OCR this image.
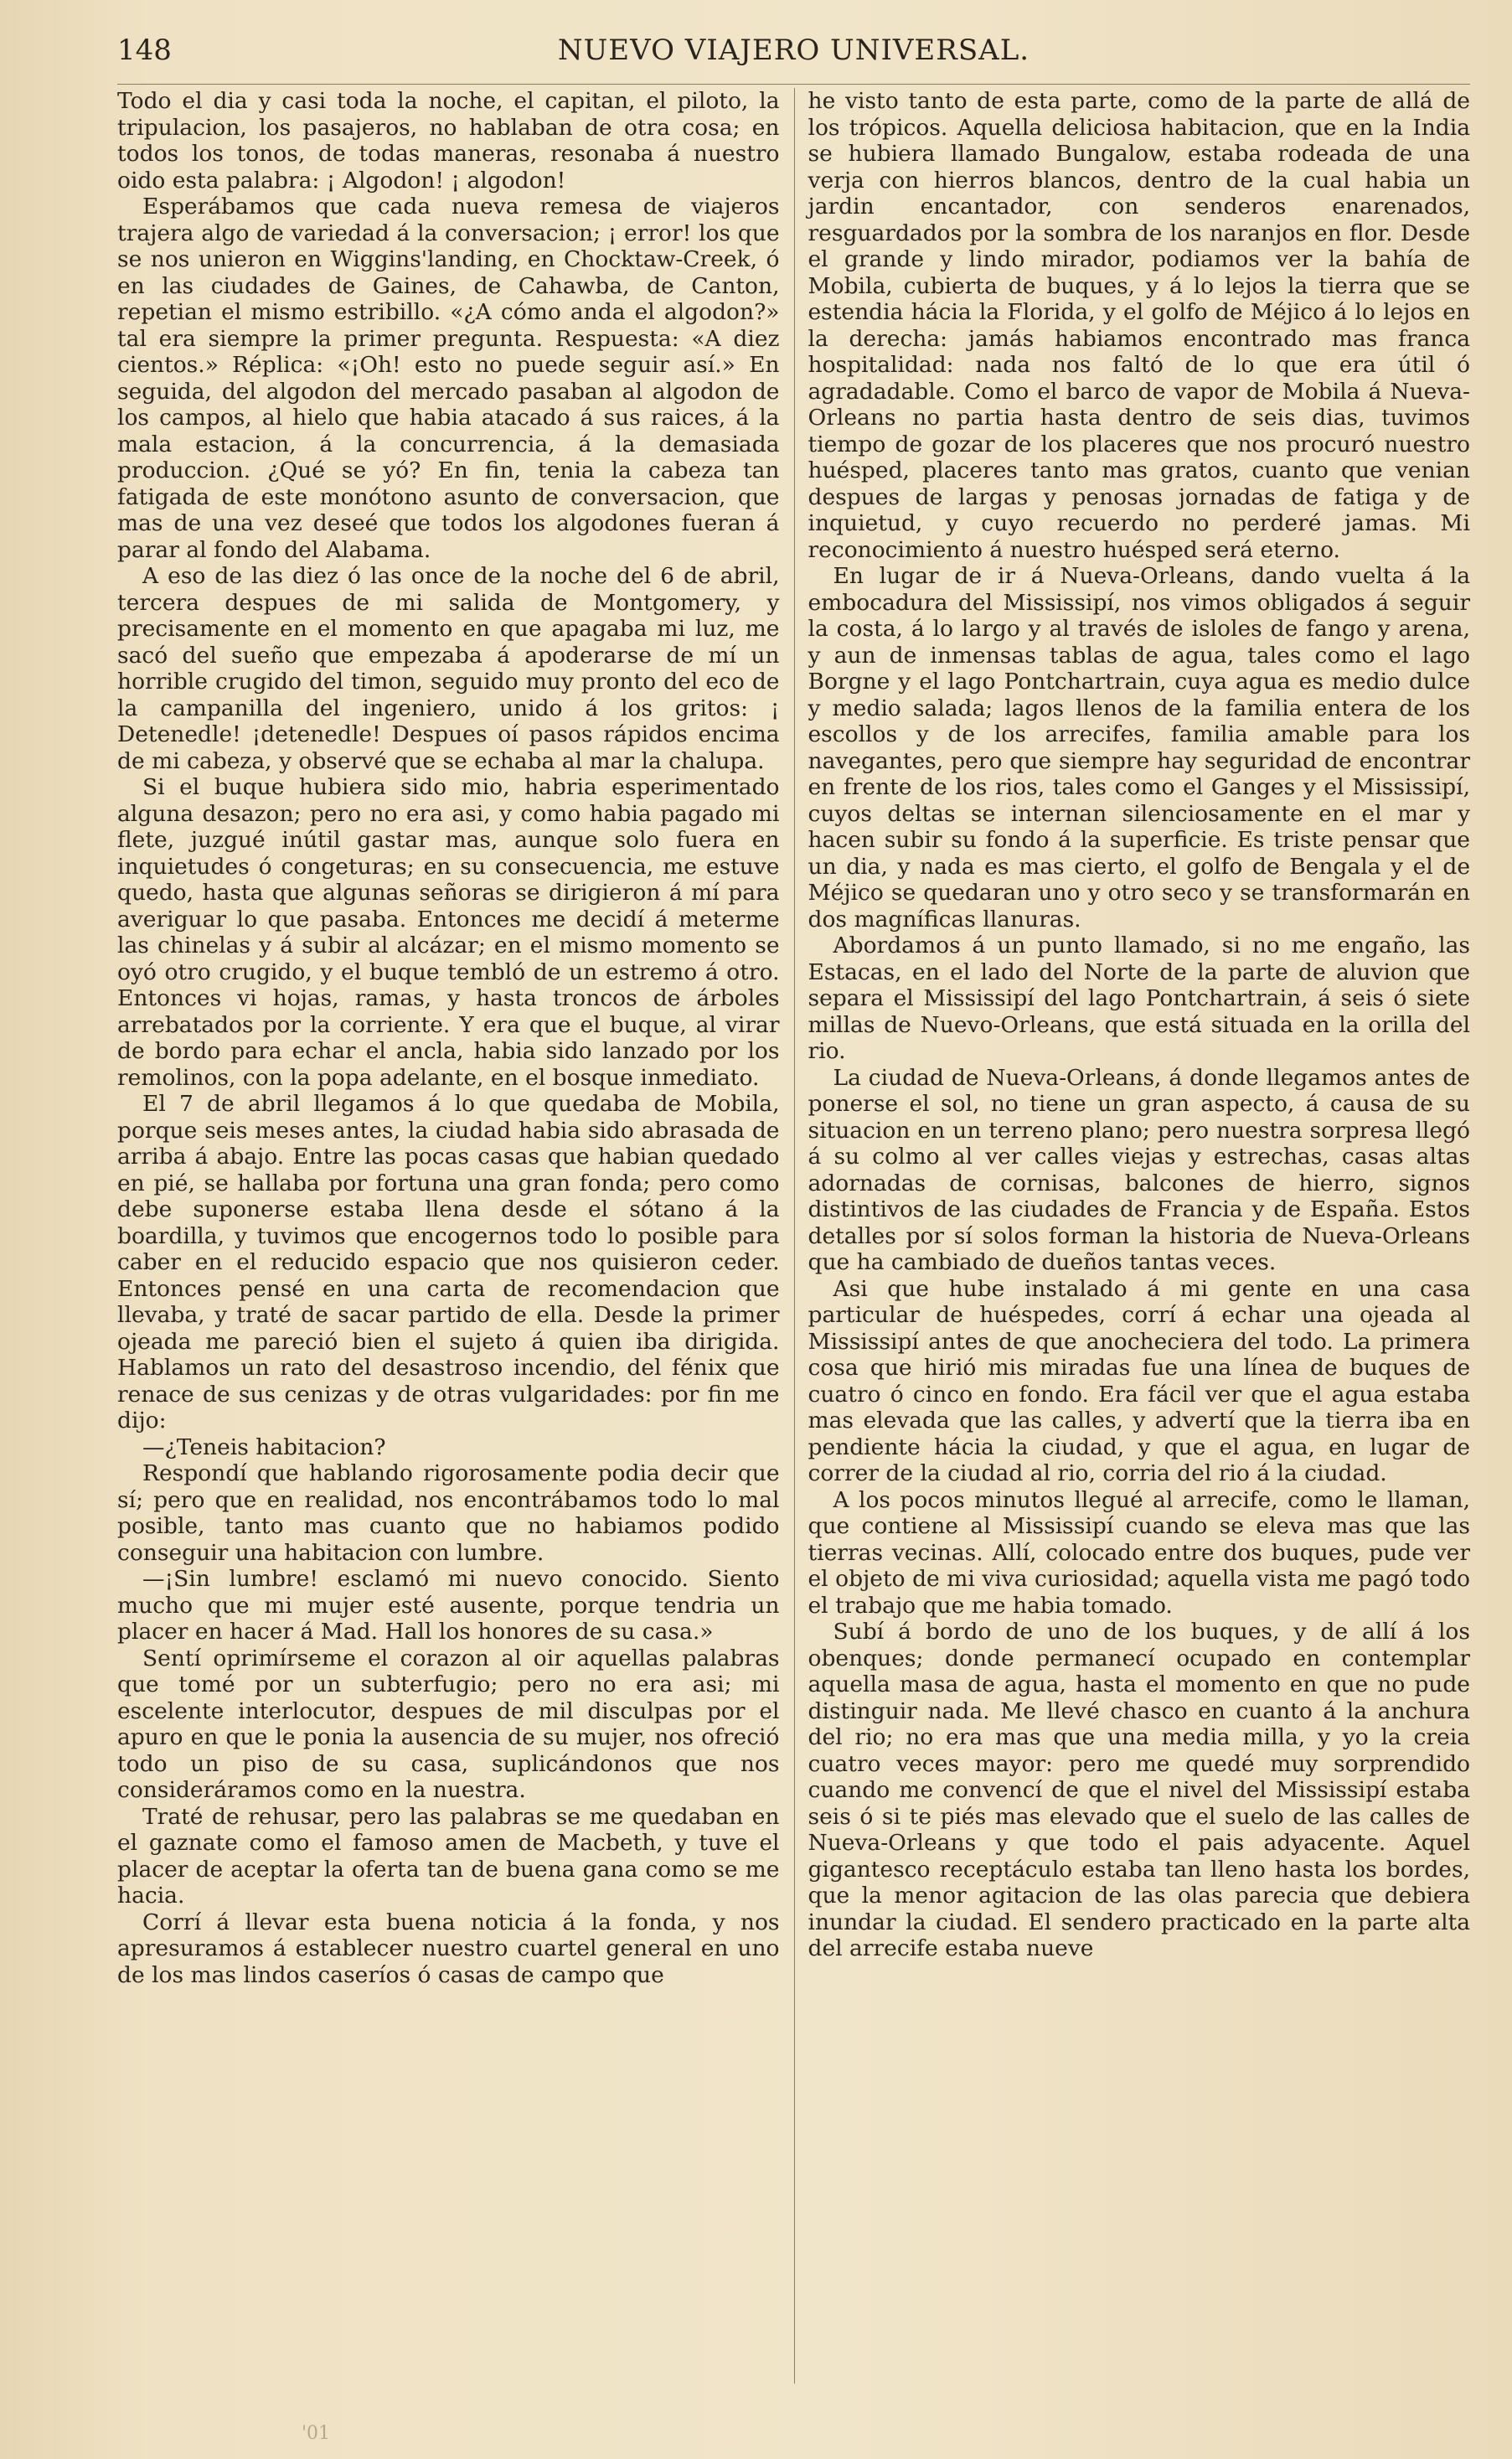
148	NUEVO VIAJERO UNIVERSAL.

Todo el dia y casi toda la noche, el capitan, el piloto, la tripulacion, los pasajeros, no hablaban de otra cosa; en todos los tonos, de todas maneras, resonaba á nuestro oido esta palabra: ¡ Algodon! ¡ algodon!

Esperábamos que cada nueva remesa de viajeros trajera algo de variedad á la conversacion; ¡ error! los que se nos unieron en Wiggins'landing, en Chocktaw-Creek, ó en las ciudades de Gaines, de Cahawba, de Canton, repetian el mismo estribillo. «¿A cómo anda el algodon?» tal era siempre la primer pregunta. Respuesta: «A diez cientos.» Réplica: «¡Oh! esto no puede seguir así.» En seguida, del algodon del mercado pasaban al algodon de los campos, al hielo que habia atacado á sus raices, á la mala estacion, á la concurrencia, á la demasiada produccion. ¿Qué se yó? En fin, tenia la cabeza tan fatigada de este monótono asunto de conversacion, que mas de una vez deseé que todos los algodones fueran á parar al fondo del Alabama.

A eso de las diez ó las once de la noche del 6 de abril, tercera despues de mi salida de Montgomery, y precisamente en el momento en que apagaba mi luz, me sacó del sueño que empezaba á apoderarse de mí un horrible crugido del timon, seguido muy pronto del eco de la campanilla del ingeniero, unido á los gritos: ¡ Detenedle! ¡detenedle! Despues oí pasos rápidos encima de mi cabeza, y observé que se echaba al mar la chalupa.

Si el buque hubiera sido mio, habria esperimentado alguna desazon; pero no era asi, y como habia pagado mi flete, juzgué inútil gastar mas, aunque solo fuera en inquietudes ó congeturas; en su consecuencia, me estuve quedo, hasta que algunas señoras se dirigieron á mí para averiguar lo que pasaba. Entonces me decidí á meterme las chinelas y á subir al alcázar; en el mismo momento se oyó otro crugido, y el buque tembló de un estremo á otro. Entonces vi hojas, ramas, y hasta troncos de árboles arrebatados por la corriente. Y era que el buque, al virar de bordo para echar el ancla, habia sido lanzado por los remolinos, con la popa adelante, en el bosque inmediato.

El 7 de abril llegamos á lo que quedaba de Mobila, porque seis meses antes, la ciudad habia sido abrasada de arriba á abajo. Entre las pocas casas que habian quedado en pié, se hallaba por fortuna una gran fonda; pero como debe suponerse estaba llena desde el sótano á la boardilla, y tuvimos que encogernos todo lo posible para caber en el reducido espacio que nos quisieron ceder. Entonces pensé en una carta de recomendacion que llevaba, y traté de sacar partido de ella. Desde la primer ojeada me pareció bien el sujeto á quien iba dirigida. Hablamos un rato del desastroso incendio, del fénix que renace de sus cenizas y de otras vulgaridades: por fin me dijo:

—¿Teneis habitacion?

Respondí que hablando rigorosamente podia decir que sí; pero que en realidad, nos encontrábamos todo lo mal posible, tanto mas cuanto que no habiamos podido conseguir una habitacion con lumbre.

—¡Sin lumbre! esclamó mi nuevo conocido. Siento mucho que mi mujer esté ausente, porque tendria un placer en hacer á Mad. Hall los honores de su casa.»

Sentí oprimírseme el corazon al oir aquellas palabras que tomé por un subterfugio; pero no era asi; mi escelente interlocutor, despues de mil disculpas por el apuro en que le ponia la ausencia de su mujer, nos ofreció todo un piso de su casa, suplicándonos que nos consideráramos como en la nuestra.

Traté de rehusar, pero las palabras se me quedaban en el gaznate como el famoso amen de Macbeth, y tuve el placer de aceptar la oferta tan de buena gana como se me hacia.

Corrí á llevar esta buena noticia á la fonda, y nos apresuramos á establecer nuestro cuartel general en uno de los mas lindos caseríos ó casas de campo que

he visto tanto de esta parte, como de la parte de allá de los trópicos. Aquella deliciosa habitacion, que en la India se hubiera llamado Bungalow, estaba rodeada de una verja con hierros blancos, dentro de la cual habia un jardin encantador, con senderos enarenados, resguardados por la sombra de los naranjos en flor. Desde el grande y lindo mirador, podiamos ver la bahía de Mobila, cubierta de buques, y á lo lejos la tierra que se estendia hácia la Florida, y el golfo de Méjico á lo lejos en la derecha: jamás habiamos encontrado mas franca hospitalidad: nada nos faltó de lo que era útil ó agradadable. Como el barco de vapor de Mobila á Nueva-Orleans no partia hasta dentro de seis dias, tuvimos tiempo de gozar de los placeres que nos procuró nuestro huésped, placeres tanto mas gratos, cuanto que venian despues de largas y penosas jornadas de fatiga y de inquietud, y cuyo recuerdo no perderé jamas. Mi reconocimiento á nuestro huésped será eterno.

En lugar de ir á Nueva-Orleans, dando vuelta á la embocadura del Mississipí, nos vimos obligados á seguir la costa, á lo largo y al través de isloles de fango y arena, y aun de inmensas tablas de agua, tales como el lago Borgne y el lago Pontchartrain, cuya agua es medio dulce y medio salada; lagos llenos de la familia entera de los escollos y de los arrecifes, familia amable para los navegantes, pero que siempre hay seguridad de encontrar en frente de los rios, tales como el Ganges y el Mississipí, cuyos deltas se internan silenciosamente en el mar y hacen subir su fondo á la superficie. Es triste pensar que un dia, y nada es mas cierto, el golfo de Bengala y el de Méjico se quedaran uno y otro seco y se transformarán en dos magníficas llanuras.

Abordamos á un punto llamado, si no me engaño, las Estacas, en el lado del Norte de la parte de aluvion que separa el Mississipí del lago Pontchartrain, á seis ó siete millas de Nuevo-Orleans, que está situada en la orilla del rio.

La ciudad de Nueva-Orleans, á donde llegamos antes de ponerse el sol, no tiene un gran aspecto, á causa de su situacion en un terreno plano; pero nuestra sorpresa llegó á su colmo al ver calles viejas y estrechas, casas altas adornadas de cornisas, balcones de hierro, signos distintivos de las ciudades de Francia y de España. Estos detalles por sí solos forman la historia de Nueva-Orleans que ha cambiado de dueños tantas veces.

Asi que hube instalado á mi gente en una casa particular de huéspedes, corrí á echar una ojeada al Mississipí antes de que anocheciera del todo. La primera cosa que hirió mis miradas fue una línea de buques de cuatro ó cinco en fondo. Era fácil ver que el agua estaba mas elevada que las calles, y advertí que la tierra iba en pendiente hácia la ciudad, y que el agua, en lugar de correr de la ciudad al rio, corria del rio á la ciudad.

A los pocos minutos llegué al arrecife, como le llaman, que contiene al Mississipí cuando se eleva mas que las tierras vecinas. Allí, colocado entre dos buques, pude ver el objeto de mi viva curiosidad; aquella vista me pagó todo el trabajo que me habia tomado.

Subí á bordo de uno de los buques, y de allí á los obenques; donde permanecí ocupado en contemplar aquella masa de agua, hasta el momento en que no pude distinguir nada. Me llevé chasco en cuanto á la anchura del rio; no era mas que una media milla, y yo la creia cuatro veces mayor: pero me quedé muy sorprendido cuando me convencí de que el nivel del Mississipí estaba seis ó si te piés mas elevado que el suelo de las calles de Nueva-Orleans y que todo el pais adyacente. Aquel gigantesco receptáculo estaba tan lleno hasta los bordes, que la menor agitacion de las olas parecia que debiera inundar la ciudad. El sendero practicado en la parte alta del arrecife estaba nueve

'01
